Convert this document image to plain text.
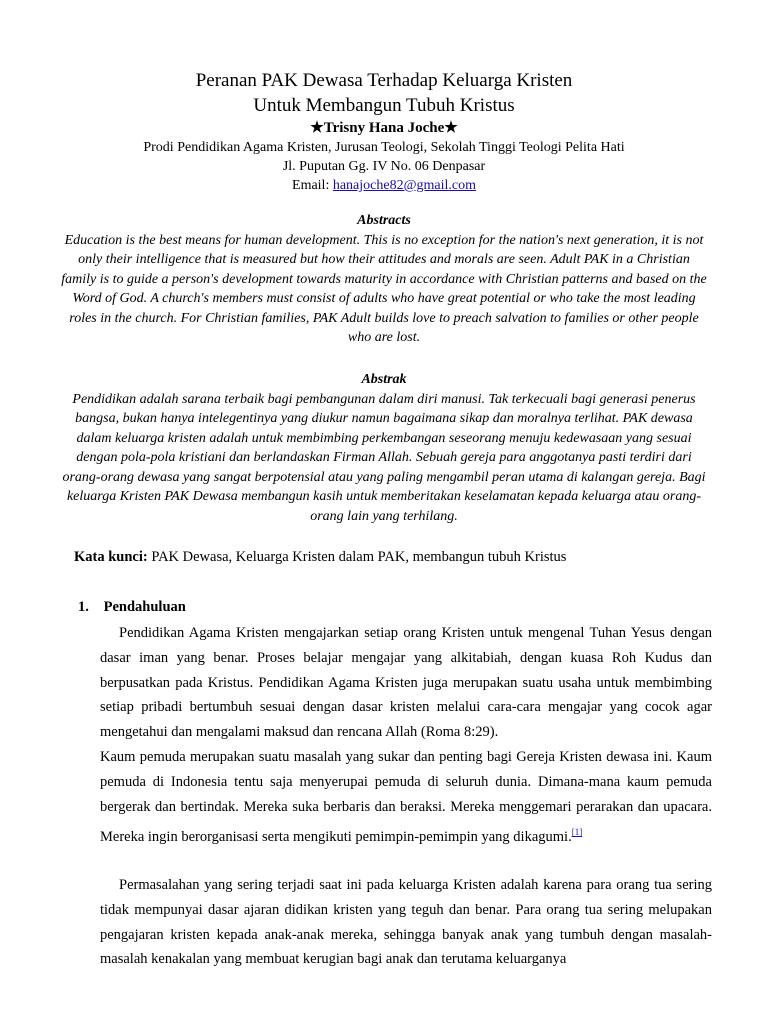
Peranan PAK Dewasa Terhadap Keluarga Kristen

Untuk Membangun Tubuh Kristus

★Trisny Hana Joche★
Prodi Pendidikan Agama Kristen, Jurusan Teologi, Sekolah Tinggi Teologi Pelita Hati
Jl. Puputan Gg. IV No. 06 Denpasar
Email: hanajoche82@gmail.com

Abstracts

Education is the best means for human development. This is no exception for the nation's next generation, it is not only their intelligence that is measured but how their attitudes and morals are seen. Adult PAK in a Christian family is to guide a person's development towards maturity in accordance with Christian patterns and based on the Word of God. A church's members must consist of adults who have great potential or who take the most leading roles in the church. For Christian families, PAK Adult builds love to preach salvation to families or other people who are lost.

Abstrak

Pendidikan adalah sarana terbaik bagi pembangunan dalam diri manusi. Tak terkecuali bagi generasi penerus bangsa, bukan hanya intelegentinya yang diukur namun bagaimana sikap dan moralnya terlihat. PAK dewasa dalam keluarga kristen adalah untuk membimbing perkembangan seseorang menuju kedewasaan yang sesuai dengan pola-pola kristiani dan berlandaskan Firman Allah. Sebuah gereja para anggotanya pasti terdiri dari orang-orang dewasa yang sangat berpotensial atau yang paling mengambil peran utama di kalangan gereja. Bagi keluarga Kristen PAK Dewasa membangun kasih untuk memberitakan keselamatan kepada keluarga atau orang-orang lain yang terhilang.

Kata kunci: PAK Dewasa, Keluarga Kristen dalam PAK, membangun tubuh Kristus
1. Pendahuluan

Pendidikan Agama Kristen mengajarkan setiap orang Kristen untuk mengenal Tuhan Yesus dengan dasar iman yang benar. Proses belajar mengajar yang alkitabiah, dengan kuasa Roh Kudus dan berpusatkan pada Kristus. Pendidikan Agama Kristen juga merupakan suatu usaha untuk membimbing setiap pribadi bertumbuh sesuai dengan dasar kristen melalui cara-cara mengajar yang cocok agar mengetahui dan mengalami maksud dan rencana Allah (Roma 8:29).

Kaum pemuda merupakan suatu masalah yang sukar dan penting bagi Gereja Kristen dewasa ini. Kaum pemuda di Indonesia tentu saja menyerupai pemuda di seluruh dunia. Dimana-mana kaum pemuda bergerak dan bertindak. Mereka suka berbaris dan beraksi. Mereka menggemari perarakan dan upacara. Mereka ingin berorganisasi serta mengikuti pemimpin-pemimpin yang dikagumi.[1]

Permasalahan yang sering terjadi saat ini pada keluarga Kristen adalah karena para orang tua sering tidak mempunyai dasar ajaran didikan kristen yang teguh dan benar. Para orang tua sering melupakan pengajaran kristen kepada anak-anak mereka, sehingga banyak anak yang tumbuh dengan masalah-masalah kenakalan yang membuat kerugian bagi anak dan terutama keluarganya
